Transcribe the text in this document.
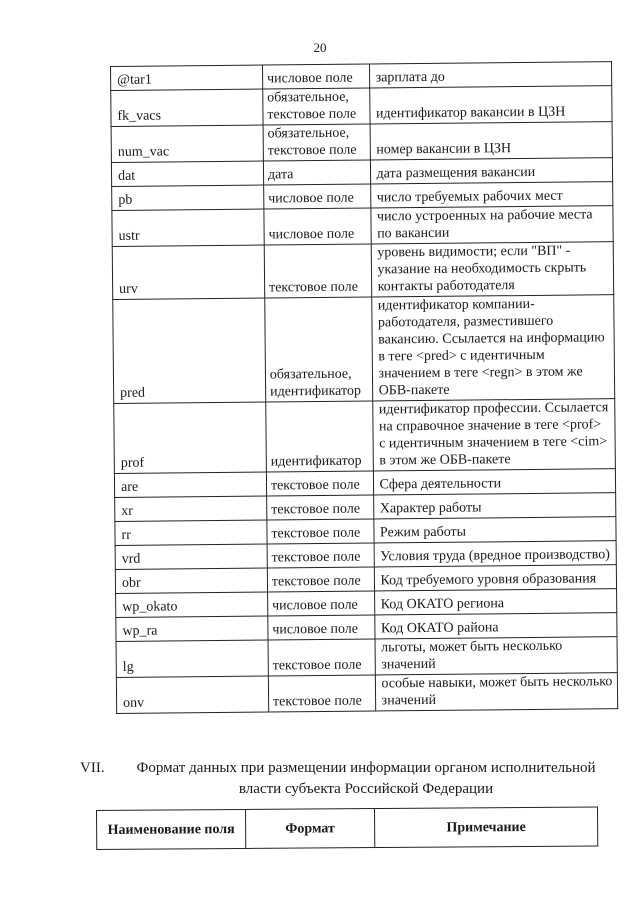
20
@tar1	числовое поле	зарплата до
fk_vacs	обязательное, текстовое поле	идентификатор вакансии в ЦЗН
num_vac	обязательное, текстовое поле	номер вакансии в ЦЗН
dat	дата	дата размещения вакансии
pb	числовое поле	число требуемых рабочих мест
ustr	числовое поле	число устроенных на рабочие места по вакансии
urv	текстовое поле	уровень видимости; если "ВП" - указание на необходимость скрыть контакты работодателя
pred	обязательное, идентификатор	идентификатор компании-работодателя, разместившего вакансию. Ссылается на информацию в теге <pred> с идентичным значением в теге <regn> в этом же ОБВ-пакете
prof	идентификатор	идентификатор профессии. Ссылается на справочное значение в теге <prof> с идентичным значением в теге <cim> в этом же ОБВ-пакете
are	текстовое поле	Сфера деятельности
xr	текстовое поле	Характер работы
rr	текстовое поле	Режим работы
vrd	текстовое поле	Условия труда (вредное производство)
obr	текстовое поле	Код требуемого уровня образования
wp_okato	числовое поле	Код ОКАТО региона
wp_ra	числовое поле	Код ОКАТО района
lg	текстовое поле	льготы, может быть несколько значений
onv	текстовое поле	особые навыки, может быть несколько значений
VII.	Формат данных при размещении информации органом исполнительной власти субъекта Российской Федерации
Наименование поля	Формат	Примечание
